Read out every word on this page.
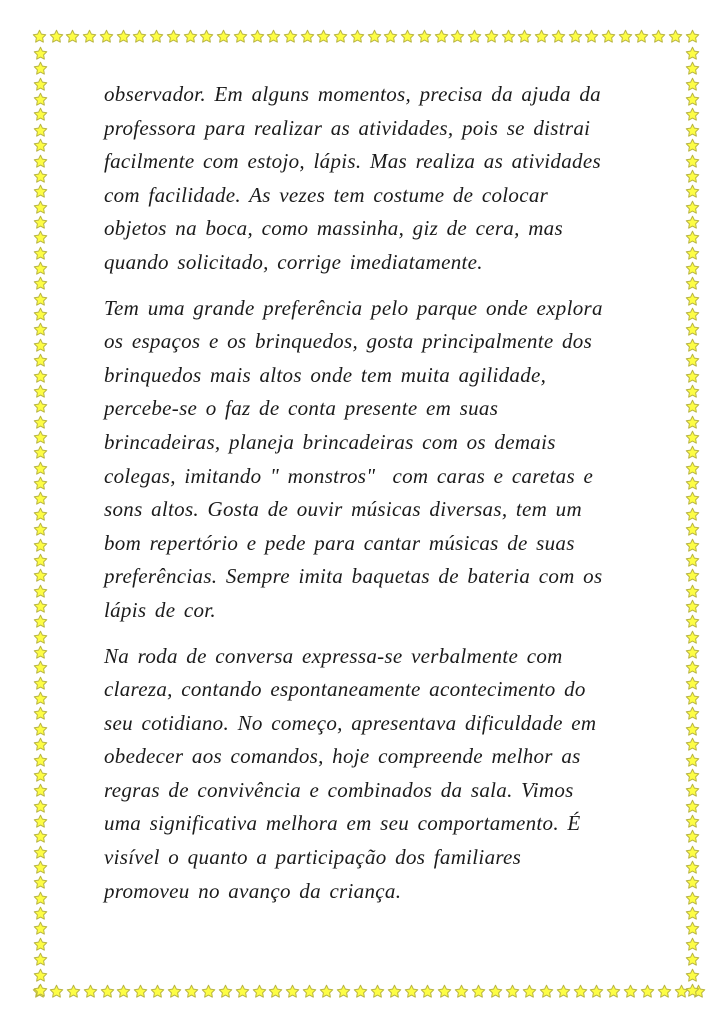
observador. Em alguns momentos, precisa da ajuda da
professora para realizar as atividades, pois se distrai
facilmente com estojo, lápis. Mas realiza as atividades
com facilidade. As vezes tem costume de colocar
objetos na boca, como massinha, giz de cera, mas
quando solicitado, corrige imediatamente.

Tem uma grande preferência pelo parque onde explora
os espaços e os brinquedos, gosta principalmente dos
brinquedos mais altos onde tem muita agilidade,
percebe-se o faz de conta presente em suas
brincadeiras, planeja brincadeiras com os demais
colegas, imitando " monstros"  com caras e caretas e
sons altos. Gosta de ouvir músicas diversas, tem um
bom repertório e pede para cantar músicas de suas
preferências. Sempre imita baquetas de bateria com os
lápis de cor.

Na roda de conversa expressa-se verbalmente com
clareza, contando espontaneamente acontecimento do
seu cotidiano. No começo, apresentava dificuldade em
obedecer aos comandos, hoje compreende melhor as
regras de convivência e combinados da sala. Vimos
uma significativa melhora em seu comportamento. É
visível o quanto a participação dos familiares
promoveu no avanço da criança.
